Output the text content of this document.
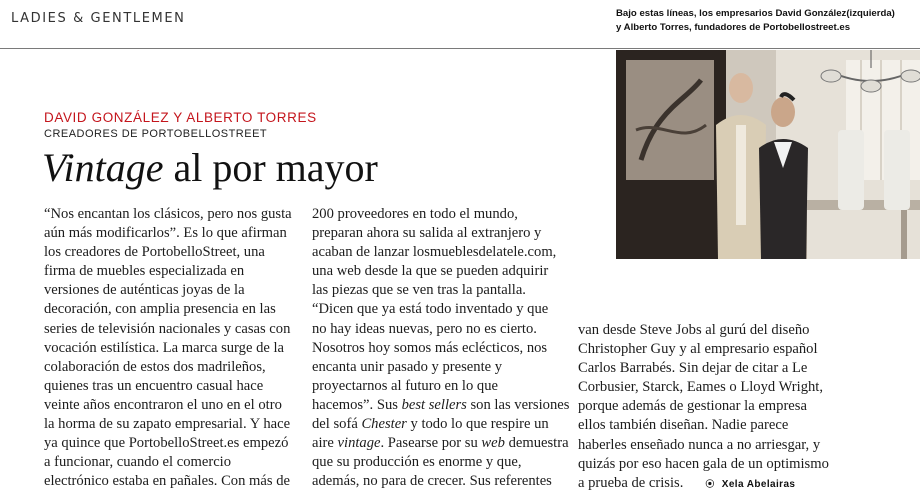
LADIES & GENTLEMEN	Bajo estas líneas, los empresarios David González(izquierda)
y Alberto Torres, fundadores de Portobellostreet.es
DAVID GONZÁLEZ Y ALBERTO TORRES
CREADORES DE PORTOBELLOSTREET
Vintage al por mayor
“Nos encantan los clásicos, pero nos gusta
aún más modificarlos”. Es lo que afirman
los creadores de PortobelloStreet, una
firma de muebles especializada en
versiones de auténticas joyas de la
decoración, con amplia presencia en las
series de televisión nacionales y casas con
vocación estilística. La marca surge de la
colaboración de estos dos madrileños,
quienes tras un encuentro casual hace
veinte años encontraron el uno en el otro
la horma de su zapato empresarial. Y hace
ya quince que PortobelloStreet.es empezó
a funcionar, cuando el comercio
electrónico estaba en pañales. Con más de
200 proveedores en todo el mundo,
preparan ahora su salida al extranjero y
acaban de lanzar losmueblesdelatele.com,
una web desde la que se pueden adquirir
las piezas que se ven tras la pantalla.
“Dicen que ya está todo inventado y que
no hay ideas nuevas, pero no es cierto.
Nosotros hoy somos más eclécticos, nos
encanta unir pasado y presente y
proyectarnos al futuro en lo que
hacemos”. Sus best sellers son las versiones
del sofá Chester y todo lo que respire un
aire vintage. Pasearse por su web demuestra
que su producción es enorme y que,
además, no para de crecer. Sus referentes
van desde Steve Jobs al gurú del diseño
Christopher Guy y al empresario español
Carlos Barrabés. Sin dejar de citar a Le
Corbusier, Starck, Eames o Lloyd Wright,
porque además de gestionar la empresa
ellos también diseñan. Nadie parece
haberles enseñado nunca a no arriesgar, y
quizás por eso hacen gala de un optimismo
a prueba de crisis. ⦿ Xela Abelairas
